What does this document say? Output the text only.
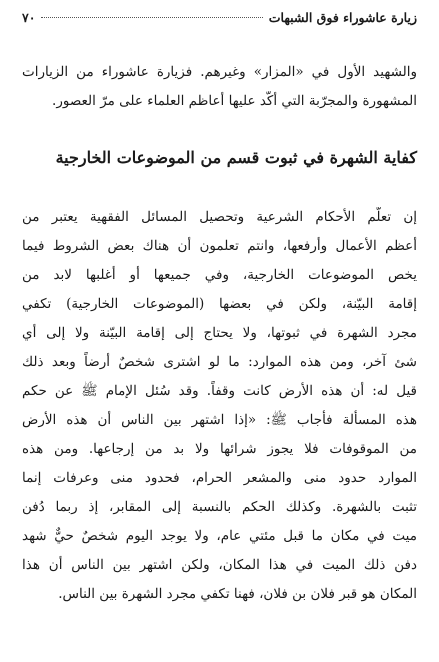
زيارة عاشوراء فوق الشبهات
٧٠
والشهيد الأول في «المزار» وغيرهم. فزيارة عاشوراء من الزيارات
المشهورة والمجرّبة التي أكّد عليها أعاظم العلماء على مرّ العصور.
كفاية الشهرة في ثبوت قسم من الموضوعات الخارجية
إن تعلُّم الأحكام الشرعية وتحصيل المسائل الفقهية يعتبر من
أعظم الأعمال وأرفعها، وانتم تعلمون أن هناك بعض الشروط فيما
يخص الموضوعات الخارجية، وفي جميعها أو أغلبها لابد من
إقامة البيّنة، ولكن في بعضها (الموضوعات الخارجية) تكفي
مجرد الشهرة في ثبوتها، ولا يحتاج إلى إقامة البيّنة ولا إلى أي
شئ آخر، ومن هذه الموارد: ما لو اشترى شخصٌ أرضاً وبعد ذلك
قيل له: أن هذه الأرض كانت وقفاً. وقد سُئل الإمام ﷺ عن حكم
هذه المسألة فأجاب ﷺ: «إذا اشتهر بين الناس أن هذه الأرض
من الموقوفات فلا يجوز شرائها ولا بد من إرجاعها. ومن هذه
الموارد حدود منى والمشعر الحرام، فحدود منى وعرفات إنما
تثبت بالشهرة. وكذلك الحكم بالنسبة إلى المقابر، إذ ربما دُفن
ميت في مكان ما قبل مئتي عام، ولا يوجد اليوم شخصٌ حيٌّ شهد
دفن ذلك الميت في هذا المكان، ولكن اشتهر بين الناس أن هذا
المكان هو قبر فلان بن فلان، فهنا تكفي مجرد الشهرة بين الناس.
